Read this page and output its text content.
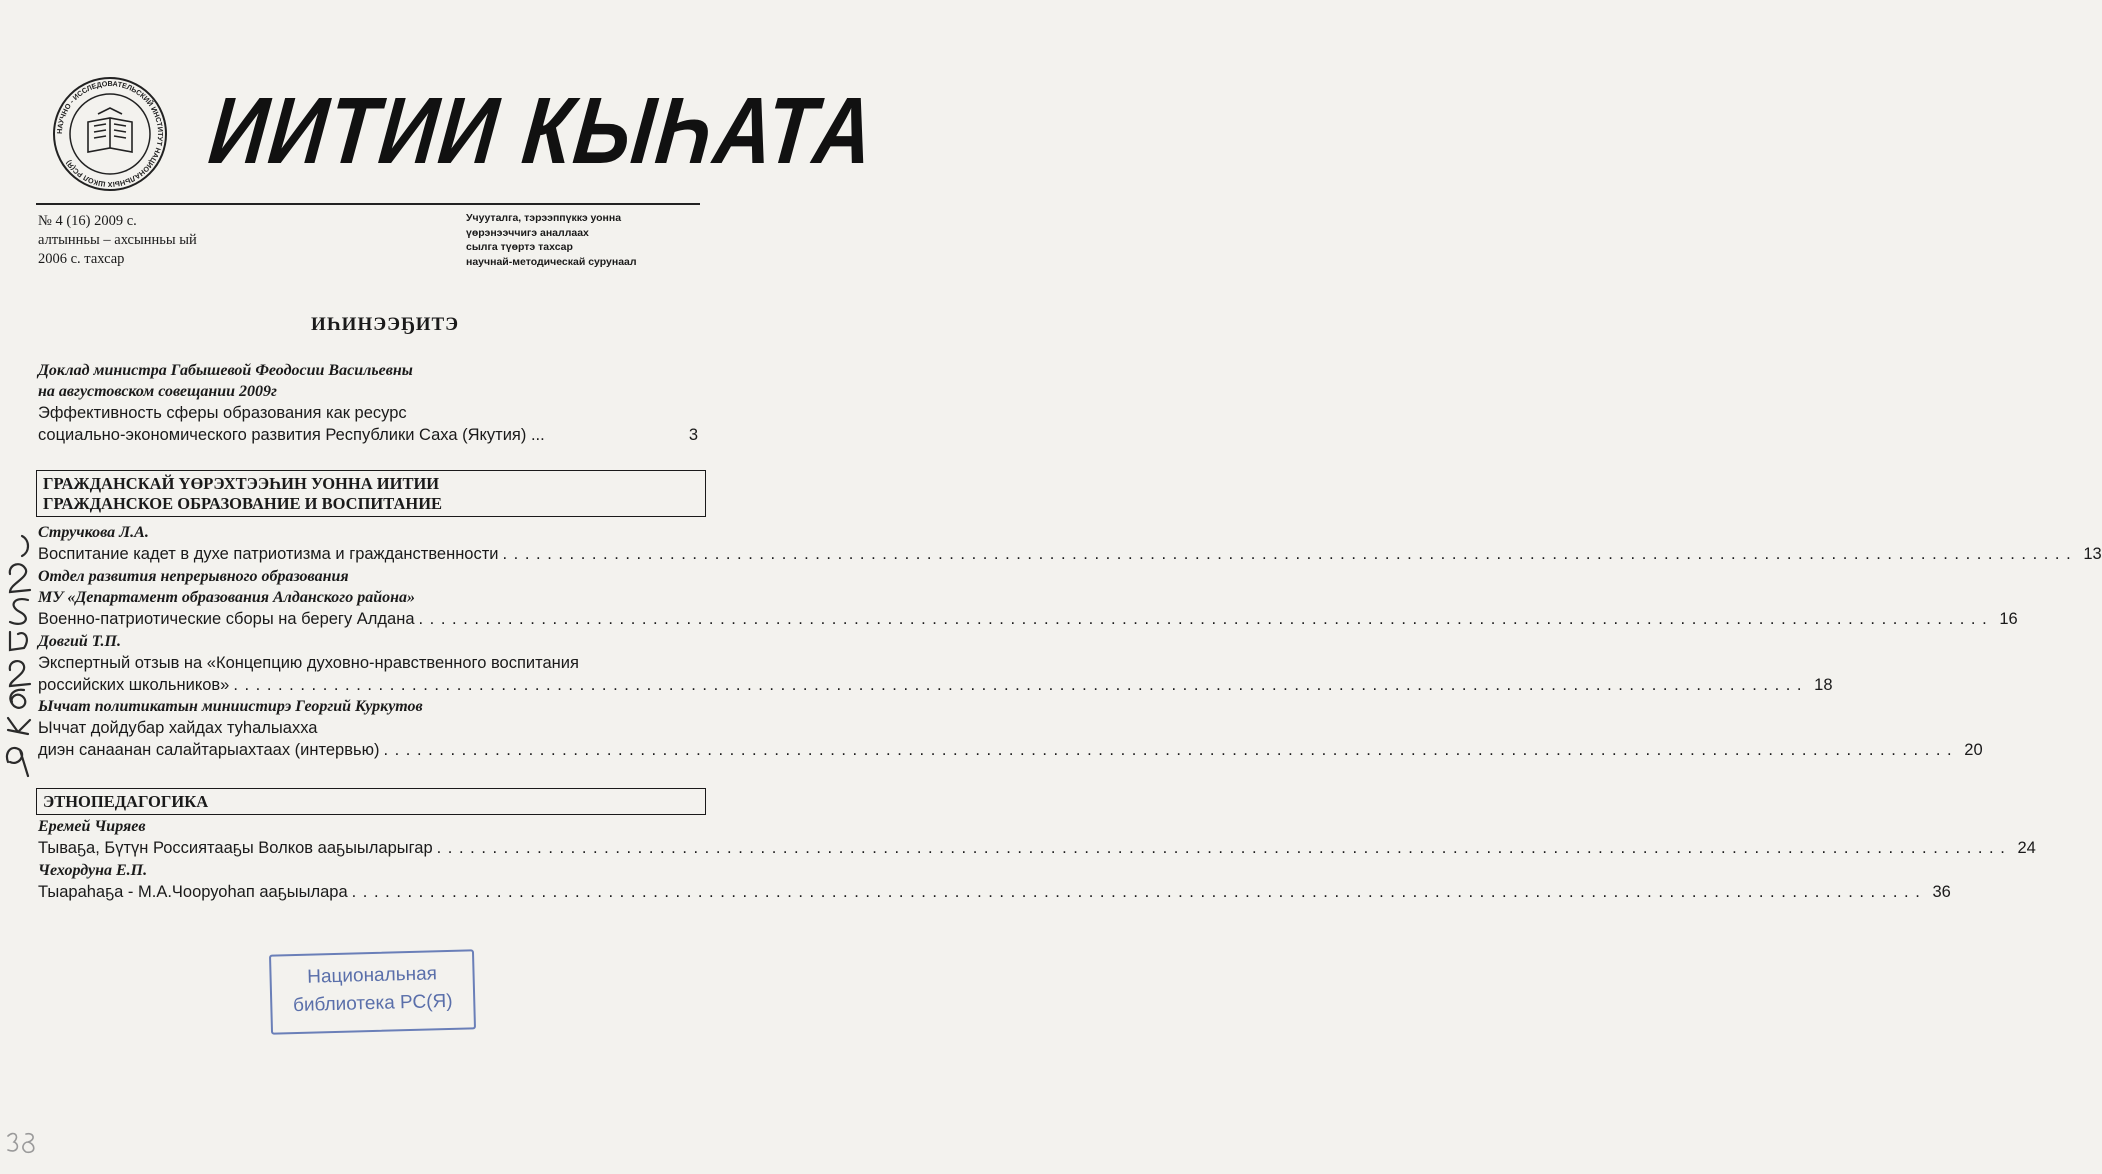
НАУЧНО - ИССЛЕДОВАТЕЛЬСКИЙ ИНСТИТУТ НАЦИОНАЛЬНЫХ ШКОЛ РС(Я)	ИИТИИ КЫҺАТА
№ 4 (16) 2009 с.
алтынньы – ахсынньы ый
2006 с. тахсар
Учууталга, тэрээппүккэ уонна
үөрэнээччигэ аналлаах
сылга түөртэ тахсар
научнай-методическай сурунаал
ИҺИНЭЭҔИТЭ
Доклад министра Габышевой Феодосии Васильевны
на августовском совещании 2009г
Эффективность сферы образования как ресурс
социально-экономического развития Республики Саха (Якутия) ...	3
ГРАЖДАНСКАЙ ҮӨРЭХТЭЭҺИН УОННА ИИТИИ
ГРАЖДАНСКОЕ ОБРАЗОВАНИЕ И ВОСПИТАНИЕ
Стручкова Л.А.
Воспитание кадет в духе патриотизма и гражданственности . . .	13
Отдел развития непрерывного образования
МУ «Департамент образования Алданского района»
Военно-патриотические сборы на берегу Алдана . . .	16
Довгий Т.П.
Экспертный отзыв на «Концепцию духовно-нравственного воспитания
российских школьников» . . .	18
Ыччат политикатын миниистирэ Георгий Куркутов
Ыччат дойдубар хайдах туһалыахха
диэн санаанан салайтарыахтаах (интервью) . . .	20
ЭТНОПЕДАГОГИКА
Еремей Чиряев
Тываҕа, Бүтүн Россиятааҕы Волков ааҕыыларыгар . . .	24
Чехордуна Е.П.
Тыараһаҕа - М.А.Чооруоһап ааҕыылара . . .	36
Национальная
библиотека РС(Я)
